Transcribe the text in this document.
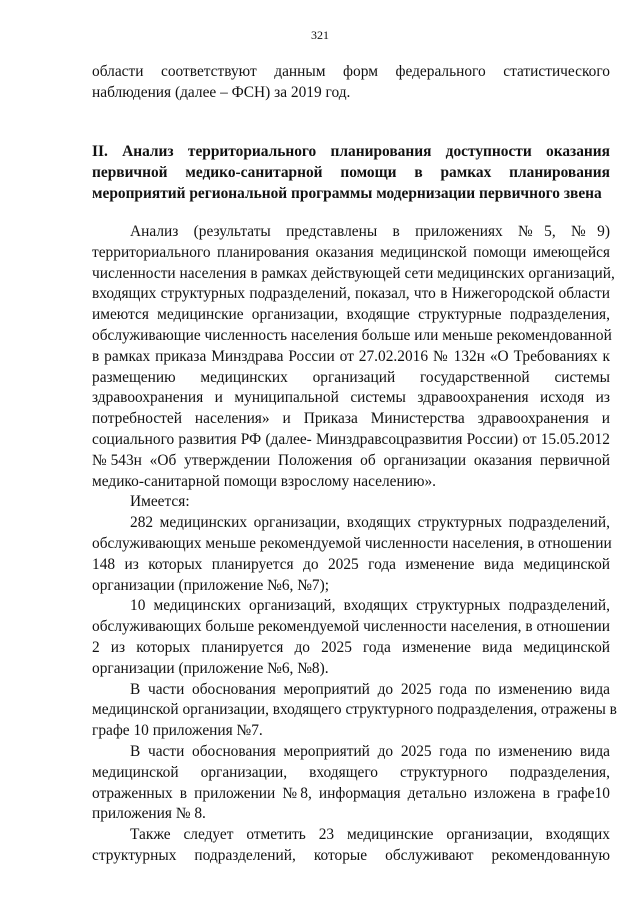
321
области соответствуют данным форм федерального статистического
наблюдения (далее – ФСН) за 2019 год.
II. Анализ территориального планирования доступности оказания
первичной медико-санитарной помощи в рамках планирования
мероприятий региональной программы модернизации первичного звена
Анализ (результаты представлены в приложениях №5, №9)
территориального планирования оказания медицинской помощи имеющейся
численности населения в рамках действующей сети медицинских организаций,
входящих структурных подразделений, показал, что в Нижегородской области
имеются медицинские организации, входящие структурные подразделения,
обслуживающие численность населения больше или меньше рекомендованной
в рамках приказа Минздрава России от 27.02.2016 № 132н «О Требованиях к
размещению медицинских организаций государственной системы
здравоохранения и муниципальной системы здравоохранения исходя из
потребностей населения» и Приказа Министерства здравоохранения и
социального развития РФ (далее- Минздравсоцразвития России) от 15.05.2012
№543н «Об утверждении Положения об организации оказания первичной
медико-санитарной помощи взрослому населению».
Имеется:
282 медицинских организации, входящих структурных подразделений,
обслуживающих меньше рекомендуемой численности населения, в отношении
148 из которых планируется до 2025 года изменение вида медицинской
организации (приложение №6, №7);
10 медицинских организаций, входящих структурных подразделений,
обслуживающих больше рекомендуемой численности населения, в отношении
2 из которых планируется до 2025 года изменение вида медицинской
организации (приложение №6, №8).
В части обоснования мероприятий до 2025 года по изменению вида
медицинской организации, входящего структурного подразделения, отражены в
графе 10 приложения №7.
В части обоснования мероприятий до 2025 года по изменению вида
медицинской организации, входящего структурного подразделения,
отраженных в приложении №8, информация детально изложена в графе10
приложения № 8.
Также следует отметить 23 медицинские организации, входящих
структурных подразделений, которые обслуживают рекомендованную
